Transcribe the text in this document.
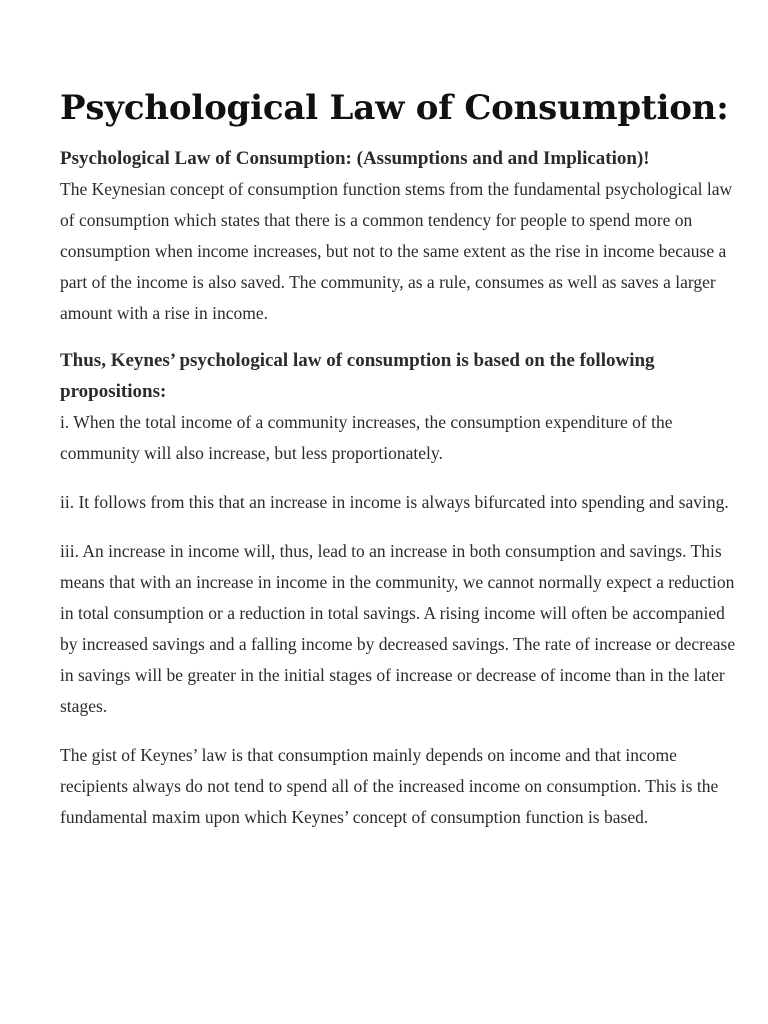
Psychological Law of Consumption:
Psychological Law of Consumption: (Assumptions and and Implication)!

The Keynesian concept of consumption function stems from the fundamental psychological law of consumption which states that there is a common tendency for people to spend more on consumption when income increases, but not to the same extent as the rise in income because a part of the income is also saved. The community, as a rule, consumes as well as saves a larger amount with a rise in income.

Thus, Keynes’ psychological law of consumption is based on the following propositions:

i. When the total income of a community increases, the consumption expenditure of the community will also increase, but less proportionately.

ii. It follows from this that an increase in income is always bifurcated into spending and saving.

iii. An increase in income will, thus, lead to an increase in both consumption and savings. This means that with an increase in income in the community, we cannot normally expect a reduction in total consumption or a reduction in total savings. A rising income will often be accompanied by increased savings and a falling income by decreased savings. The rate of increase or decrease in savings will be greater in the initial stages of increase or decrease of income than in the later stages.

The gist of Keynes’ law is that consumption mainly depends on income and that income recipients always do not tend to spend all of the increased income on consumption. This is the fundamental maxim upon which Keynes’ concept of consumption function is based.
